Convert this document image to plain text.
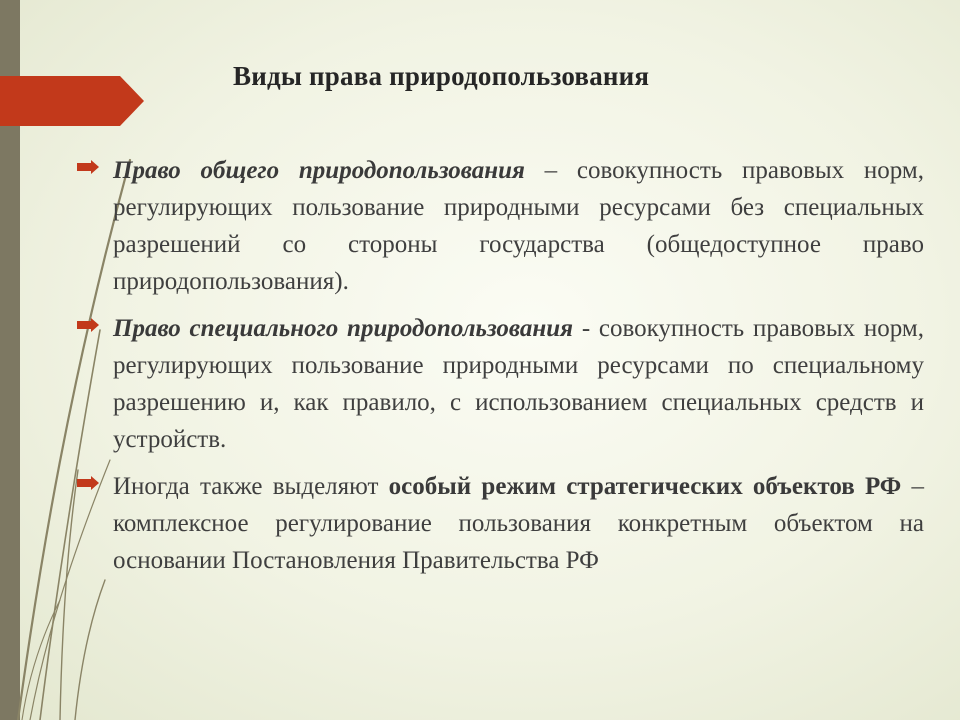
Виды права природопользования

Право общего природопользования – совокупность правовых норм, регулирующих пользование природными ресурсами без специальных разрешений со стороны государства (общедоступное право природопользования).

Право специального природопользования - совокупность правовых норм, регулирующих пользование природными ресурсами по специальному разрешению и, как правило, с использованием специальных средств и устройств.

Иногда также выделяют особый режим стратегических объектов РФ – комплексное регулирование пользования конкретным объектом на основании Постановления Правительства РФ
